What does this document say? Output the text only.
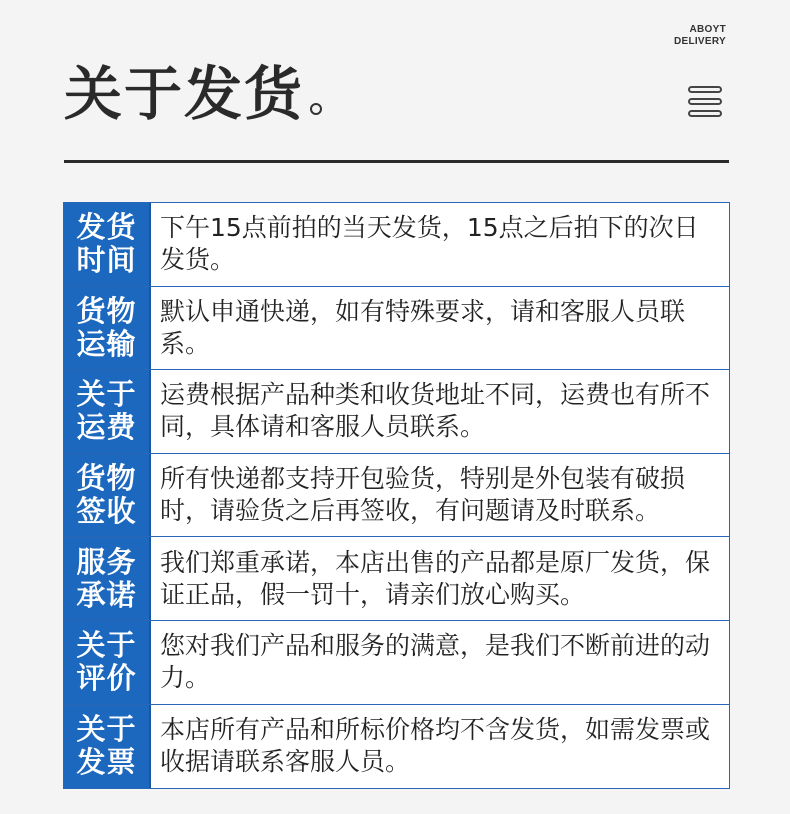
ABOYT
DELIVERY
关于发货
发货
时间
下午15点前拍的当天发货，15点之后拍下的次日发货。
货物
运输
默认申通快递，如有特殊要求，请和客服人员联系。
关于
运费
运费根据产品种类和收货地址不同，运费也有所不同，具体请和客服人员联系。
货物
签收
所有快递都支持开包验货，特别是外包装有破损时，请验货之后再签收，有问题请及时联系。
服务
承诺
我们郑重承诺，本店出售的产品都是原厂发货，保证正品，假一罚十，请亲们放心购买。
关于
评价
您对我们产品和服务的满意，是我们不断前进的动力。
关于
发票
本店所有产品和所标价格均不含发货，如需发票或收据请联系客服人员。
